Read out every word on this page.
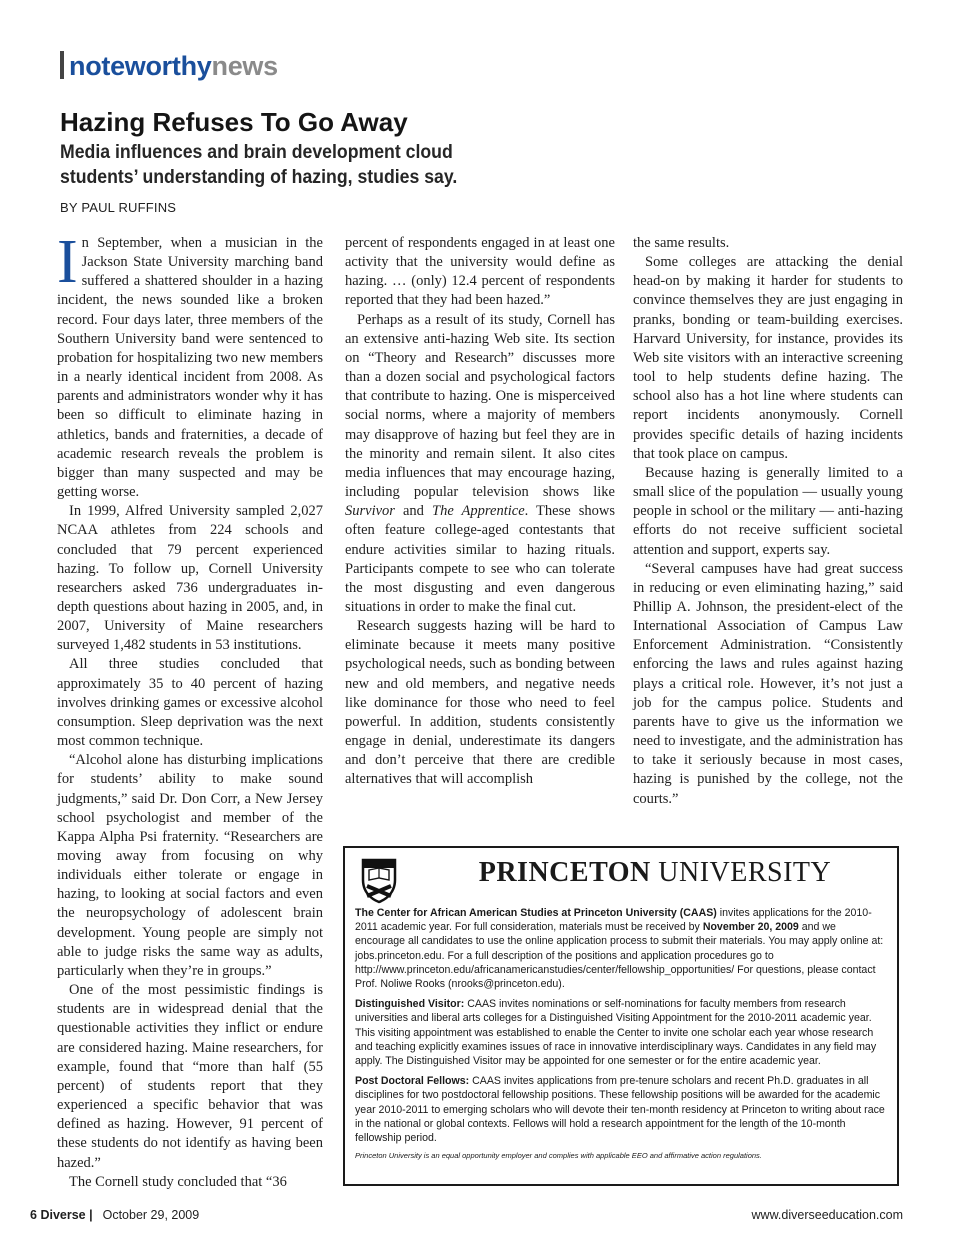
noteworthynews
Hazing Refuses To Go Away
Media influences and brain development cloud students’ understanding of hazing, studies say.
BY PAUL RUFFINS

In September, when a musician in the Jackson State University marching band suffered a shattered shoulder in a hazing incident, the news sounded like a broken record. Four days later, three members of the Southern University band were sentenced to probation for hospitalizing two new members in a nearly identical incident from 2008. As parents and administrators wonder why it has been so difficult to eliminate hazing in athletics, bands and fraternities, a decade of academic research reveals the problem is bigger than many suspected and may be getting worse.

In 1999, Alfred University sampled 2,027 NCAA athletes from 224 schools and concluded that 79 percent experienced hazing. To follow up, Cornell University researchers asked 736 undergraduates in-depth questions about hazing in 2005, and, in 2007, University of Maine researchers surveyed 1,482 students in 53 institutions.

All three studies concluded that approximately 35 to 40 percent of hazing involves drinking games or excessive alcohol consumption. Sleep deprivation was the next most common technique.

“Alcohol alone has disturbing implications for students’ ability to make sound judgments,” said Dr. Don Corr, a New Jersey school psychologist and member of the Kappa Alpha Psi fraternity. “Researchers are moving away from focusing on why individuals either tolerate or engage in hazing, to looking at social factors and even the neuropsychology of adolescent brain development. Young people are simply not able to judge risks the same way as adults, particularly when they’re in groups.”

One of the most pessimistic findings is students are in widespread denial that the questionable activities they inflict or endure are considered hazing. Maine researchers, for example, found that “more than half (55 percent) of students report that they experienced a specific behavior that was defined as hazing. However, 91 percent of these students do not identify as having been hazed.”

The Cornell study concluded that “36

percent of respondents engaged in at least one activity that the university would define as hazing. … (only) 12.4 percent of respondents reported that they had been hazed.”

Perhaps as a result of its study, Cornell has an extensive anti-hazing Web site. Its section on “Theory and Research” discusses more than a dozen social and psychological factors that contribute to hazing. One is misperceived social norms, where a majority of members may disapprove of hazing but feel they are in the minority and remain silent. It also cites media influences that may encourage hazing, including popular television shows like Survivor and The Apprentice. These shows often feature college-aged contestants that endure activities similar to hazing rituals. Participants compete to see who can tolerate the most disgusting and even dangerous situations in order to make the final cut.

Research suggests hazing will be hard to eliminate because it meets many positive psychological needs, such as bonding between new and old members, and negative needs like dominance for those who need to feel powerful. In addition, students consistently engage in denial, underestimate its dangers and don’t perceive that there are credible alternatives that will accomplish

the same results.

Some colleges are attacking the denial head-on by making it harder for students to convince themselves they are just engaging in pranks, bonding or team-building exercises. Harvard University, for instance, provides its Web site visitors with an interactive screening tool to help students define hazing. The school also has a hot line where students can report incidents anonymously. Cornell provides specific details of hazing incidents that took place on campus.

Because hazing is generally limited to a small slice of the population — usually young people in school or the military — anti-hazing efforts do not receive sufficient societal attention and support, experts say.

“Several campuses have had great success in reducing or even eliminating hazing,” said Phillip A. Johnson, the president-elect of the International Association of Campus Law Enforcement Administration. “Consistently enforcing the laws and rules against hazing plays a critical role. However, it’s not just a job for the campus police. Students and parents have to give us the information we need to investigate, and the administration has to take it seriously because in most cases, hazing is punished by the college, not the courts.”

PRINCETON UNIVERSITY

The Center for African American Studies at Princeton University (CAAS) invites applications for the 2010-2011 academic year. For full consideration, materials must be received by November 20, 2009 and we encourage all candidates to use the online application process to submit their materials. You may apply online at: jobs.princeton.edu. For a full description of the positions and application procedures go to http://www.princeton.edu/africanamericanstudies/center/fellowship_opportunities/ For questions, please contact Prof. Noliwe Rooks (nrooks@princeton.edu).

Distinguished Visitor: CAAS invites nominations or self-nominations for faculty members from research universities and liberal arts colleges for a Distinguished Visiting Appointment for the 2010-2011 academic year. This visiting appointment was established to enable the Center to invite one scholar each year whose research and teaching explicitly examines issues of race in innovative interdisciplinary ways. Candidates in any field may apply. The Distinguished Visitor may be appointed for one semester or for the entire academic year.

Post Doctoral Fellows: CAAS invites applications from pre-tenure scholars and recent Ph.D. graduates in all disciplines for two postdoctoral fellowship positions. These fellowship positions will be awarded for the academic year 2010-2011 to emerging scholars who will devote their ten-month residency at Princeton to writing about race in the national or global contexts. Fellows will hold a research appointment for the length of the 10-month fellowship period.

Princeton University is an equal opportunity employer and complies with applicable EEO and affirmative action regulations.

6 Diverse | October 29, 2009	www.diverseeducation.com
